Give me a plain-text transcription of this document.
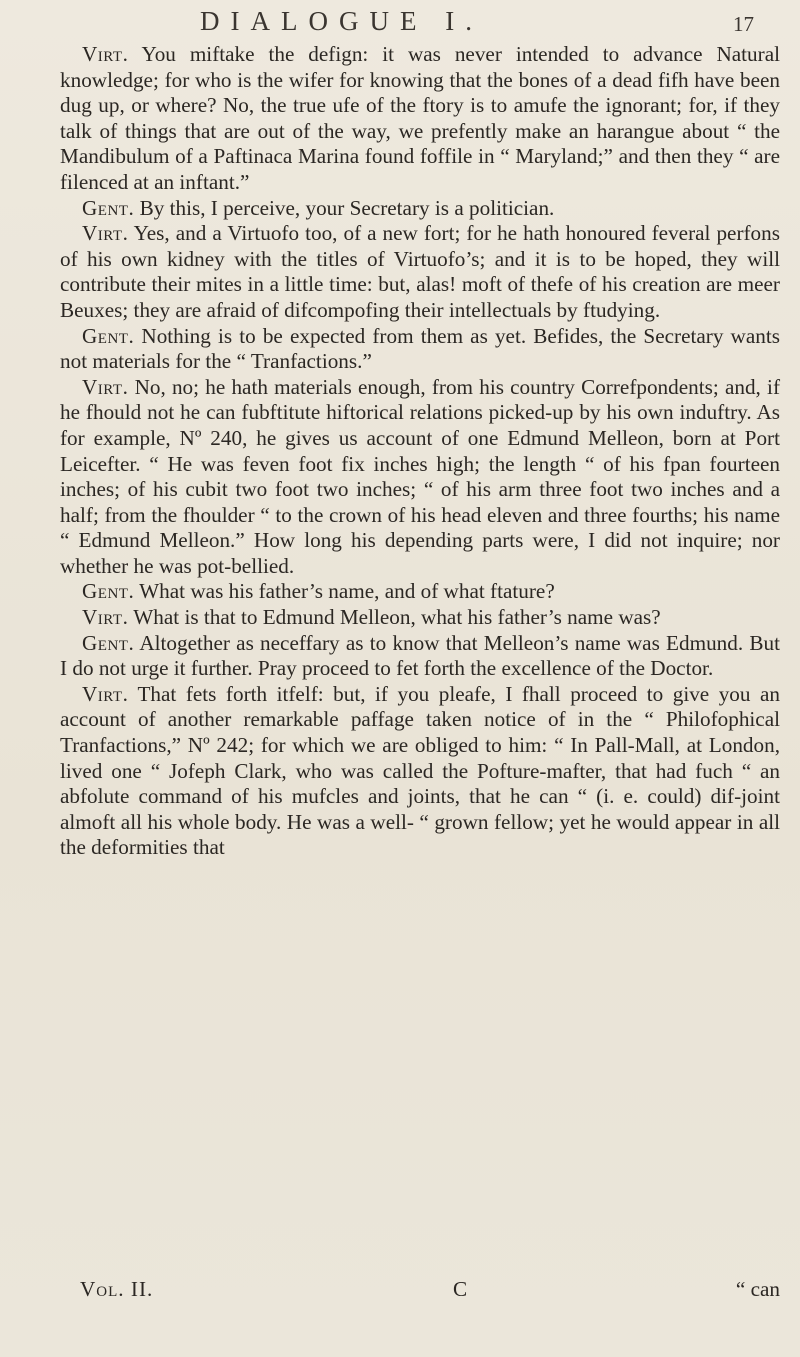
DIALOGUE I.	17

Virt. You miftake the defign: it was never intended to advance Natural knowledge; for who is the wifer for knowing that the bones of a dead fifh have been dug up, or where? No, the true ufe of the ftory is to amufe the ignorant; for, if they talk of things that are out of the way, we prefently make an harangue about “ the Mandibulum of a Paftinaca Marina found foffile in “ Maryland;” and then they “ are filenced at an inftant.”

Gent. By this, I perceive, your Secretary is a politician.

Virt. Yes, and a Virtuofo too, of a new fort; for he hath honoured feveral perfons of his own kidney with the titles of Virtuofo’s; and it is to be hoped, they will contribute their mites in a little time: but, alas! moft of thefe of his creation are meer Beuxes; they are afraid of difcompofing their intellectuals by ftudying.

Gent. Nothing is to be expected from them as yet. Befides, the Secretary wants not materials for the “ Tranfactions.”

Virt. No, no; he hath materials enough, from his country Correfpondents; and, if he fhould not he can fubftitute hiftorical relations picked-up by his own induftry. As for example, Nº 240, he gives us account of one Edmund Melleon, born at Port Leicefter. “ He was feven foot fix inches high; the length “ of his fpan fourteen inches; of his cubit two foot two inches; “ of his arm three foot two inches and a half; from the fhoulder “ to the crown of his head eleven and three fourths; his name “ Edmund Melleon.” How long his depending parts were, I did not inquire; nor whether he was pot-bellied.

Gent. What was his father’s name, and of what ftature?

Virt. What is that to Edmund Melleon, what his father’s name was?

Gent. Altogether as neceffary as to know that Melleon’s name was Edmund. But I do not urge it further. Pray proceed to fet forth the excellence of the Doctor.

Virt. That fets forth itfelf: but, if you pleafe, I fhall proceed to give you an account of another remarkable paffage taken notice of in the “ Philofophical Tranfactions,” Nº 242; for which we are obliged to him: “ In Pall-Mall, at London, lived one “ Jofeph Clark, who was called the Pofture-mafter, that had fuch “ an abfolute command of his mufcles and joints, that he can “ (i. e. could) dif-joint almoft all his whole body. He was a well- “ grown fellow; yet he would appear in all the deformities that

Vol. II.	C	“ can
